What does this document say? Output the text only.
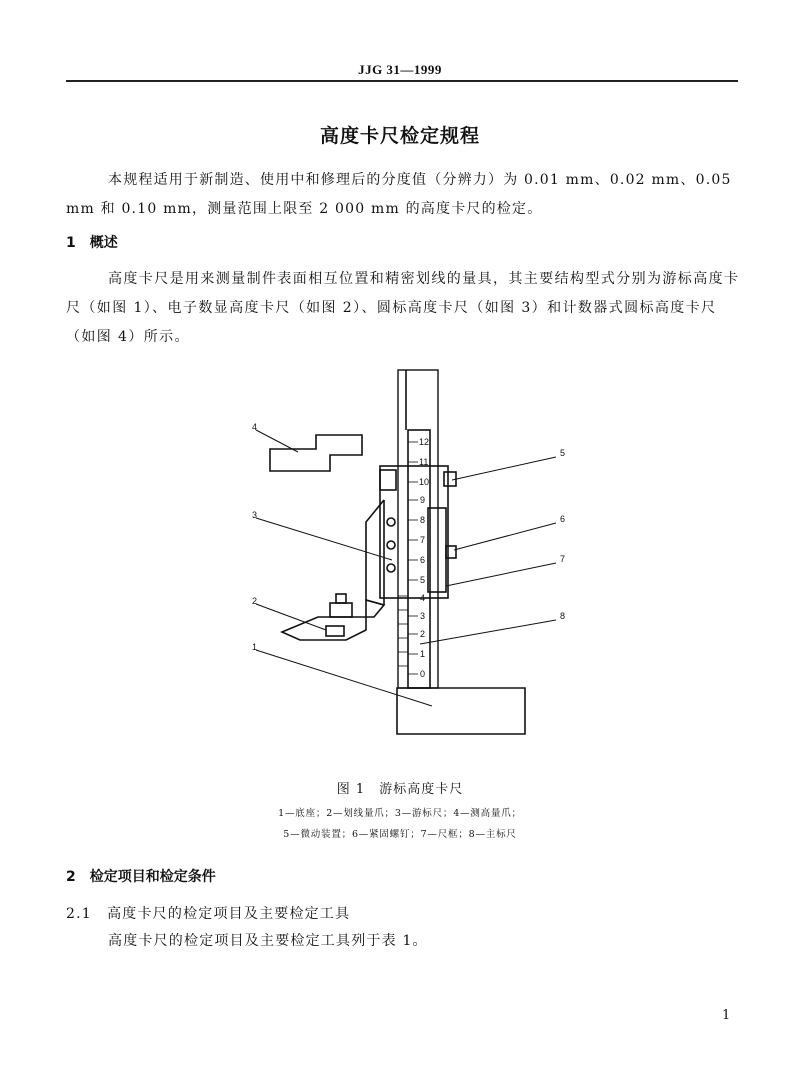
JJG 31—1999
高度卡尺检定规程
本规程适用于新制造、使用中和修理后的分度值（分辨力）为 0.01 mm、0.02 mm、0.05 mm 和 0.10 mm，测量范围上限至 2 000 mm 的高度卡尺的检定。
1　概述
高度卡尺是用来测量制件表面相互位置和精密划线的量具，其主要结构型式分别为游标高度卡尺（如图 1）、电子数显高度卡尺（如图 2）、圆标高度卡尺（如图 3）和计数器式圆标高度卡尺（如图 4）所示。
4
3
2
1
5
6
7
8
12
11
10
9
8
7
6
5
4
3
2
1
0
图 1　游标高度卡尺
1—底座；2—划线量爪；3—游标尺；4—测高量爪；
5—微动装置；6—紧固螺钉；7—尺框；8—主标尺
2　检定项目和检定条件
2.1　高度卡尺的检定项目及主要检定工具
高度卡尺的检定项目及主要检定工具列于表 1。
1
